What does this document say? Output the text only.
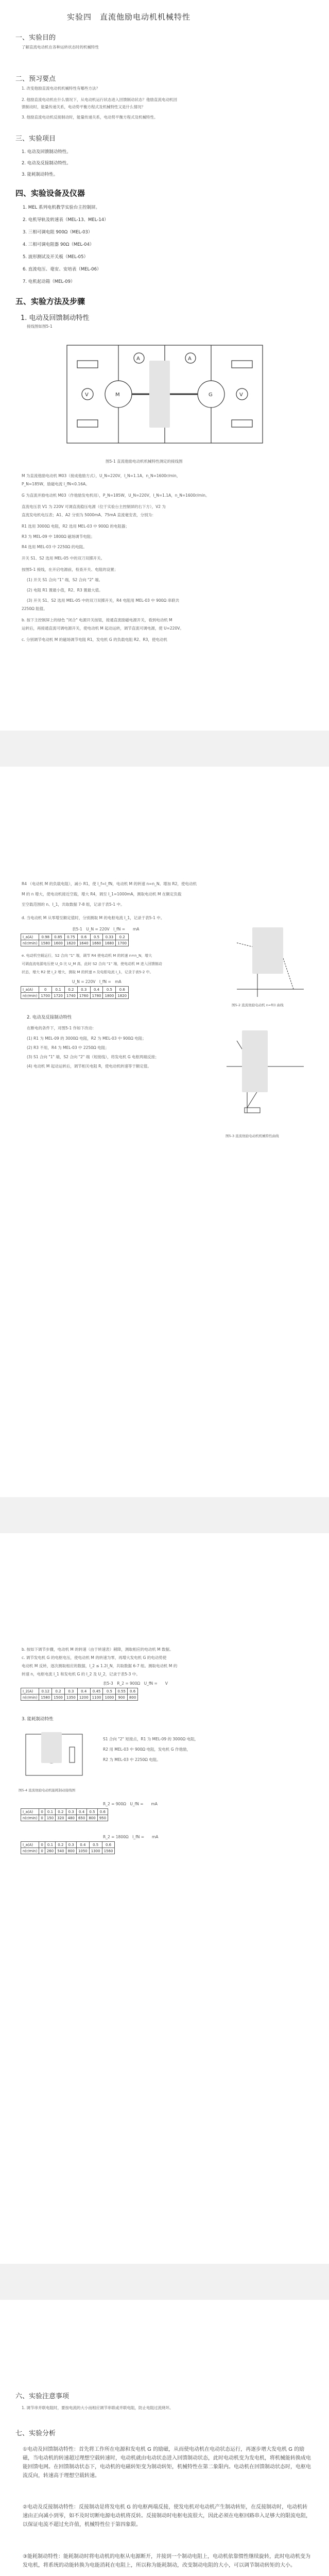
实验四　直流他励电动机机械特性
一、实验目的
了解直流电动机在各种运转状态时的机械特性
二、预习要点
1. 改变他励直流电动机机械特性有哪些方法？
2. 他励直流电动机在什么情况下，从电动机运行状态进入回馈制动状态？他励直流电动机回
馈制动时，能量传递关系，电动势平衡方程式及机械特性又是什么情况？
3. 他励直流电动机反接制动时，能量传递关系，电动势平衡方程式及机械特性。
三、实验项目
1. 电动及回馈制动特性。
2. 电动及反接制动特性。
3. 能耗制动特性。
四、实验设备及仪器
1. MEL 系列电机教学实验台主控制屏。
2. 电机导轨及转速表（MEL-13、MEL-14）
3. 三相可调电阻 900Ω（MEL-03）
4. 三相可调电阻器 90Ω（MEL-04）
5. 波形测试及开关板（MEL-05）
6. 直流电压、毫安、安培表（MEL-06）
7. 电机起动箱（MEL-09）
五、实验方法及步骤
1. 电动及回馈制动特性
接线图如图5-1
M	G
V	V
A	A
图5-1 直流他励电动机机械特性测定的接线图
M 为直流他励电动机 M03（接成他励方式），U_N=220V，I_N=1.1A，n_N=1600r/min，
P_N=185W，励磁电流 I_fN<0.16A。
G 为直流并励电动机 M03（作他励发电机用），P_N=185W，U_N=220V，I_N=1.1A，n_N=1600r/min。
直流电压表 V1 为 220V 可调直流稳压电源（位于实验台主控制屏的右下方），V2 为
直流发电机电压表；A1、A2 分别为 5000mA、75mA 直流毫安表，分别为：
R1 选用 3000Ω 电阻，R2 选用 MEL-03 中 900Ω 的电阻器；
R3 为 MEL-09 中 1800Ω 磁场调节电阻；
R4 选用 MEL-03 中 2250Ω 的电阻。
开关 S1、S2 选用 MEL-05 中的双刀双掷开关。
按图5-1 接线，在开启电源前，检查开关、电阻的设置；
(1) 开关 S1 合向 "1" 端，S2 合向 "2" 端。
(2) 电阻 R1 置最小值，R2、R3 置最大值。
(3) 开关 S1、S2 选用 MEL-05 中的双刀双掷开关，R4 电阻用 MEL-03 中 900Ω 串联共
2250Ω 阻值。
b. 按下主控制屏上的绿色 "闭合" 电源开关按钮，接通直流励磁电源开关，看到电动机 M
运转后，再接通直流可调电源开关，使电动机 M 起动运转，调节直流可调电源，使 U=220V。
c. 分别调节电动机 M 的磁场调节电阻 R1，发电机 G 的负载电阻 R2、R3，使电动机
R4 （电动机 M 的负载电阻），减小 R1，使 I_f=I_fN，电动机 M 的转速 n=n_N。增加 R2，使电动机
M 的 n 增大，使电动机接近空载，增大 R4，调至 I_1=1000mA，测取电动机 M 在额定负载
至空载范围的 n、I_1，共取数据 7-8 组，记录于表5-1 中。
d. 当电动机 M 从零增至额定值时，分别测取 M 的电枢电流 I_1，记录于表5-1 中。
表5-1　U_N = 220V　I_fN =　　mA
I_a(A)	0.98	0.85	0.75	0.6	0.5	0.33	0.2
n(r/min)	1580	1600	1620	1640	1660	1680	1700
图5-2 直流他励电动机 n=f(I) 曲线
e. 电动机空载运行，S2 合向 "1" 端，调节 R4 使电动机 M 的转速 n=n_N，增大
可调直流电源电压使 U_G 比 U_M 高，此时 S2 合向 "1" 端，使电动机 M 进入回馈制动
状态，增大 R2 使 I_2 增大，测取 M 的转速 n 及电枢电流 I_1，记录于表5-2 中。
U_N = 220V　I_fN =　mA
I_a(A)	0	0.1	0.2	0.3	0.4	0.5	0.6
n(r/min)	1700	1720	1740	1760	1780	1800	1820
2. 电动及反接制动特性
在断电的条件下，对图5-1 作如下改动：
(1) R1 为 MEL-09 的 3000Ω 电阻，R2 为 MEL-03 中 900Ω 电阻；
(2) R3 不用，R4 为 MEL-03 中 2250Ω 电阻；
(3) S1 合向 "1" 端，S2 合向 "2" 端（短接线），将发电机 G 电枢两端反接；
(4) 电动机 M 起动运转后，调节相关电阻 R，使电动机转速等于额定值。
图5-3 直流他励电动机机械特性曲线
b. 按如下调节步骤，电动机 M 的转速（由于转速表）稍降，测取相应的电动机 M 数据。
c. 调节发电机 G 的电枢电压，使电动机 M 的转速为零，再增大发电机 G 的电动势使
电动机 M 反转，逐次测取相应的数据，I_2 ≤ 1.2I_N，共取数据 6-7 组。测取电动机 M 的
转速 n，电枢电流 I_1 和发电机 G 的 I_2 及 U_2，记录于表5-3 中。
表5-3　R_2 = 900Ω　U_fN =　　V
I_2(A)	0.12	0.2	0.3	0.4	0.45	0.5	0.55	0.6
n(r/min)	1580	1500	1350	1200	1100	1000	900	800
3. 能耗制动特性
图5-4 直流他励电动机能耗制动接线图
S1 合向 "2" 短接点，R1 为 MEL-09 的 3000Ω 电阻，
R2 用 MEL-03 中 900Ω 电阻，发电机 G 作他励，
R2 为 MEL-03 中 2250Ω 电阻。
R_2 = 900Ω　U_fN =　　mA
I_a(A)	0	0.1	0.2	0.3	0.4	0.5	0.6
n(r/min)	0	150	320	480	650	800	950
R_2 = 1800Ω　I_fN =　　mA
I_a(A)	0	0.1	0.2	0.3	0.4	0.5	0.6
n(r/min)	0	260	540	800	1050	1300	1560
六、实验注意事项
1. 调节串并联电阻时，要按电流的大小而相应调节串联或并联电阻，防止电阻过流烧坏。
七、实验分析
①电动及回馈制动特性：首先将工作所在电源和发电机 G 的励磁，从而使电动机在电动状态运行，再逐步增大发电机 G 的励磁，当电动机的转速超过理想空载转速时，电动机就由电动状态进入回馈制动状态，此时电动机变为发电机，将机械能转换成电能回馈电网。在回馈制动状态下，电动机的电磁转矩变为制动转矩，机械特性在第二象限内。电动机在回馈制动状态时，电枢电流反向，转速高于理想空载转速。
②电动及反接制动特性：反接制动是将发电机 G 的电枢两端反接，使发电机对电动机产生制动转矩，在反接制动时，电动机转速由正向减小到零，如不及时切断电源电动机将反转。反接制动时电枢电流很大，因此必须在电枢回路串入足够大的限流电阻，以保证电流不超过允许值，机械特性位于第四象限。
③能耗制动特性：能耗制动时将电动机的电枢从电源断开，并接到一个制动电阻上，电动机依靠惯性继续旋转，此时电动机变为发电机，将系统的动能转换为电能消耗在电阻上，所以称为能耗制动，改变制动电阻的大小，可以调节制动转矩的大小。
